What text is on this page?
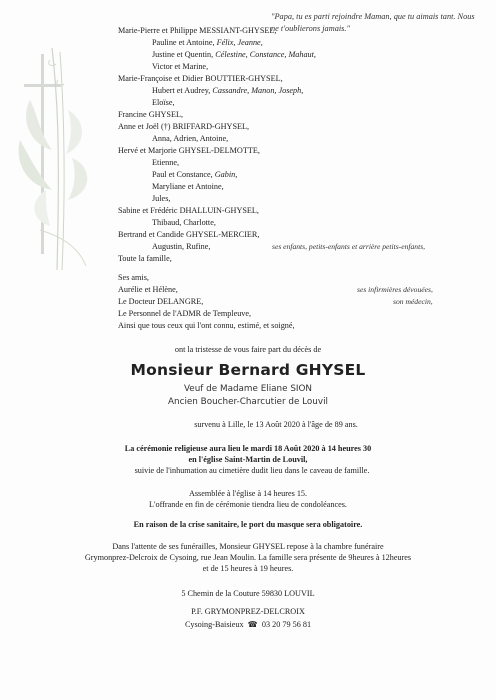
"Papa, tu es parti rejoindre Maman, que tu aimais tant. Nous ne t'oublierons jamais."
Marie-Pierre et Philippe MESSIANT-GHYSEL,
Pauline et Antoine, Félix, Jeanne,
Justine et Quentin, Célestine, Constance, Mahaut,
Victor et Marine,
Marie-Françoise et Didier BOUTTIER-GHYSEL,
Hubert et Audrey, Cassandre, Manon, Joseph,
Eloïse,
Francine GHYSEL,
Anne et Joël (†) BRIFFARD-GHYSEL,
Anna, Adrien, Antoine,
Hervé et Marjorie GHYSEL-DELMOTTE,
Etienne,
Paul et Constance, Gabin,
Maryliane et Antoine,
Jules,
Sabine et Frédéric DHALLUIN-GHYSEL,
Thibaud, Charlotte,
Bertrand et Candide GHYSEL-MERCIER,
Augustin, Rufine,
Toute la famille,
Ses amis,
Aurélie et Hélène,
Le Docteur DELANGRE,
Le Personnel de l'ADMR de Templeuve,
Ainsi que tous ceux qui l'ont connu, estimé, et soigné,
ses enfants, petits-enfants et arrière petits-enfants,
ses infirmières dévouées,
son médecin,
ont la tristesse de vous faire part du décès de
Monsieur Bernard GHYSEL
Veuf de Madame Eliane SION
Ancien Boucher-Charcutier de Louvil
survenu à Lille, le 13 Août 2020 à l'âge de 89 ans.
La cérémonie religieuse aura lieu le mardi 18 Août 2020 à 14 heures 30
en l'église Saint-Martin de Louvil,
suivie de l'inhumation au cimetière dudit lieu dans le caveau de famille.
Assemblée à l'église à 14 heures 15.
L'offrande en fin de cérémonie tiendra lieu de condoléances.
En raison de la crise sanitaire, le port du masque sera obligatoire.
Dans l'attente de ses funérailles, Monsieur GHYSEL repose à la chambre funéraire
Grymonprez-Delcroix de Cysoing, rue Jean Moulin. La famille sera présente de 9heures à 12heures
et de 15 heures à 19 heures.
5 Chemin de la Couture 59830 LOUVIL
P.F. GRYMONPREZ-DELCROIX
Cysoing-Baisieux ☎ 03 20 79 56 81
